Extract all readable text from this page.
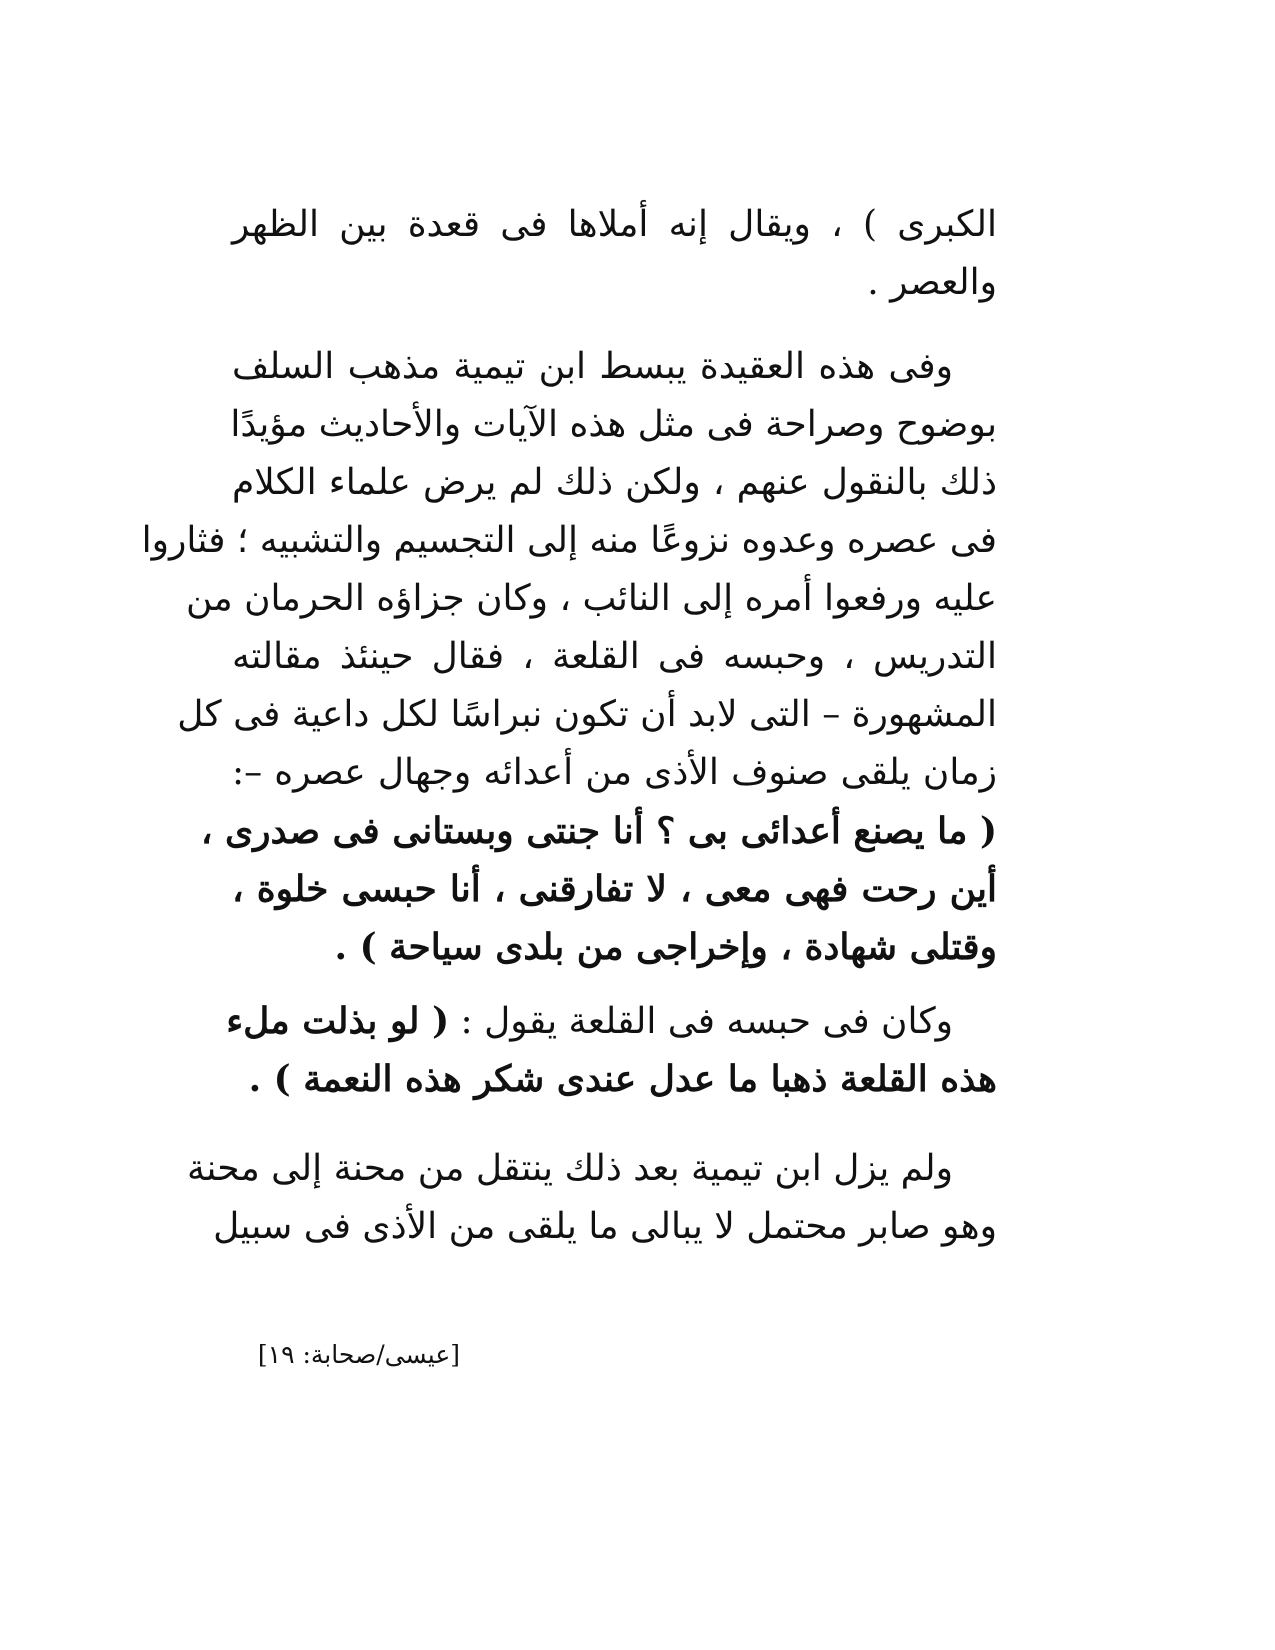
الكبرى ) ، ويقال إنه أملاها فى قعدة بين الظهر
والعصر .
وفى هذه العقيدة يبسط ابن تيمية مذهب السلف
بوضوح وصراحة فى مثل هذه الآيات والأحاديث مؤيدًا
ذلك بالنقول عنهم ، ولكن ذلك لم يرض علماء الكلام
فى عصره وعدوه نزوعًا منه إلى التجسيم والتشبيه ؛ فثاروا
عليه ورفعوا أمره إلى النائب ، وكان جزاؤه الحرمان من
التدريس ، وحبسه فى القلعة ، فقال حينئذ مقالته
المشهورة – التى لابد أن تكون نبراسًا لكل داعية فى كل
زمان يلقى صنوف الأذى من أعدائه وجهال عصره –:
( ما يصنع أعدائى بى ؟ أنا جنتى وبستانى فى صدرى ،
أين رحت فهى معى ، لا تفارقنى ، أنا حبسى خلوة ،
وقتلى شهادة ، وإخراجى من بلدى سياحة ) .
وكان فى حبسه فى القلعة يقول : ( لو بذلت ملء
هذه القلعة ذهبا ما عدل عندى شكر هذه النعمة ) .
ولم يزل ابن تيمية بعد ذلك ينتقل من محنة إلى محنة
وهو صابر محتمل لا يبالى ما يلقى من الأذى فى سبيل
[عيسى/صحابة: ١٩]
